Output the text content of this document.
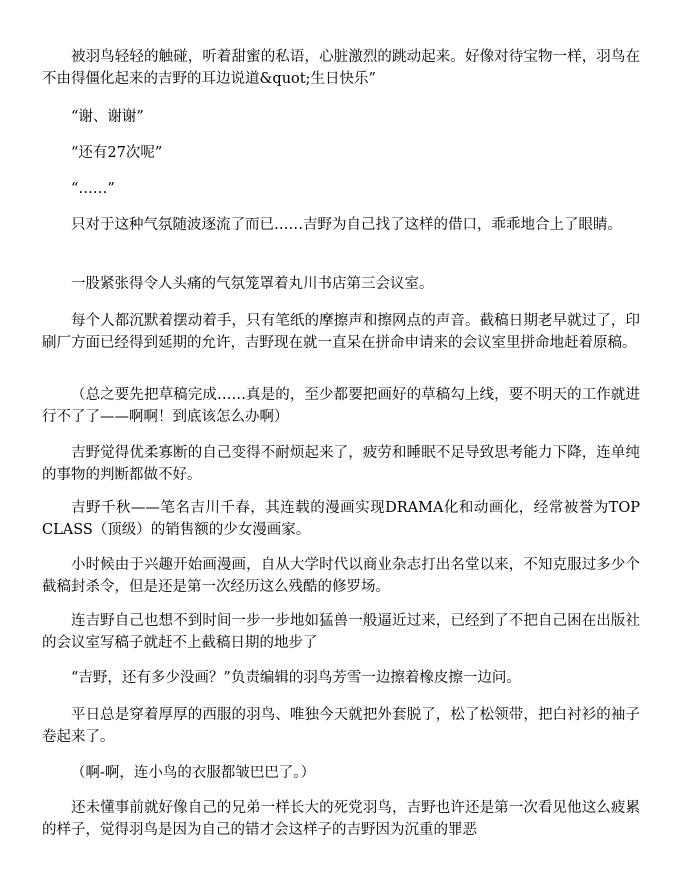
被羽鸟轻轻的触碰，听着甜蜜的私语，心脏激烈的跳动起来。好像对待宝物一样，羽鸟在不由得僵化起来的吉野的耳边说道&quot;生日快乐”

“谢、谢谢”

“还有27次呢”

“……”

只对于这种气氛随波逐流了而已……吉野为自己找了这样的借口，乖乖地合上了眼睛。

一股紧张得令人头痛的气氛笼罩着丸川书店第三会议室。

每个人都沉默着摆动着手，只有笔纸的摩擦声和擦网点的声音。截稿日期老早就过了，印刷厂方面已经得到延期的允许，吉野现在就一直呆在拼命申请来的会议室里拼命地赶着原稿。

（总之要先把草稿完成……真是的，至少都要把画好的草稿勾上线，要不明天的工作就进行不了了——啊啊！到底该怎么办啊）

吉野觉得优柔寡断的自己变得不耐烦起来了，疲劳和睡眠不足导致思考能力下降，连单纯的事物的判断都做不好。

吉野千秋——笔名吉川千春，其连载的漫画实现DRAMA化和动画化，经常被誉为TOP CLASS（顶级）的销售额的少女漫画家。

小时候由于兴趣开始画漫画，自从大学时代以商业杂志打出名堂以来，不知克服过多少个截稿封杀令，但是还是第一次经历这么残酷的修罗场。

连吉野自己也想不到时间一步一步地如猛兽一般逼近过来，已经到了不把自己困在出版社的会议室写稿子就赶不上截稿日期的地步了

“吉野，还有多少没画？”负责编辑的羽鸟芳雪一边擦着橡皮擦一边问。

平日总是穿着厚厚的西服的羽鸟、唯独今天就把外套脱了，松了松领带，把白衬衫的袖子卷起来了。

（啊-啊，连小鸟的衣服都皱巴巴了。）

还未懂事前就好像自己的兄弟一样长大的死党羽鸟，吉野也许还是第一次看见他这么疲累的样子，觉得羽鸟是因为自己的错才会这样子的吉野因为沉重的罪恶
